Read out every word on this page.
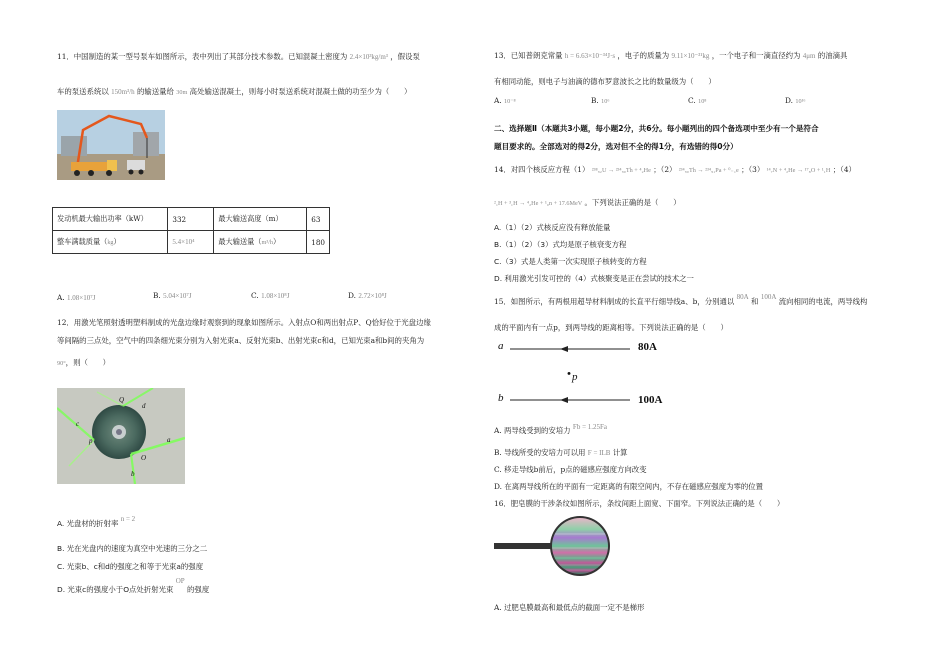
11．中国制造的某一型号泵车如图所示，表中列出了其部分技术参数。已知混凝土密度为 2.4×10³kg/m³ ，假设泵
车的泵送系统以 150m³/h 的输送量给 30m 高处输送混凝土，则每小时泵送系统对混凝土做的功至少为（　　）
发动机最大输出功率（kW）	332	最大输送高度（m）	63
整车满载质量（kg）	5.4×10⁴	最大输送量（m³/h）	180
A. 1.08×10⁷J	B. 5.04×10⁷J	C. 1.08×10⁸J	D. 2.72×10⁸J
12．用激光笔照射透明塑料制成的光盘边缘时观察到的现象如图所示。入射点O和两出射点P、Q恰好位于光盘边缘
等间隔的三点处，空气中的四条细光束分别为入射光束a、反射光束b、出射光束c和d，已知光束a和b间的夹角为
90°，则（　　）
d
Q
c
p	a
O
b
A. 光盘材的折射率 n = 2
B. 光在光盘内的速度为真空中光速的三分之二
C. 光束b、c和d的强度之和等于光束a的强度
D. 光束c的强度小于O点处折射光束 OP 的强度
13．已知普朗克常量 h = 6.63×10⁻³⁴J·s ，电子的质量为 9.11×10⁻³¹kg ，一个电子和一滴直径约为 4μm 的油滴具
有相同动能，则电子与油滴的德布罗意波长之比的数量级为（　　）
A. 10⁻⁸	B. 10⁶	C. 10⁸	D. 10¹⁶
二、选择题Ⅱ（本题共3小题，每小题2分，共6分。每小题列出的四个备选项中至少有一个是符合
题目要求的。全部选对的得2分，选对但不全的得1分，有选错的得0分）
14．对四个核反应方程（1） ²³⁸₉₂U → ²³⁴₉₀Th + ⁴₂He ；（2） ²³⁴₉₀Th → ²³⁴₉₁Pa + ⁰₋₁e ；（3） ¹⁴₇N + ⁴₂He → ¹⁷₈O + ¹₁H ；（4）
²₁H + ³₁H → ⁴₂He + ¹₀n + 17.6MeV 。下列说法正确的是（　　）
A.（1）（2）式核反应没有释放能量
B.（1）（2）（3）式均是原子核衰变方程
C.（3）式是人类第一次实现原子核转变的方程
D. 利用激光引发可控的（4）式核聚变是正在尝试的技术之一
15．如图所示，有两根用超导材料制成的长直平行细导线a、b，分别通以 80A 和 100A 流向相同的电流，两导线构
成的平面内有一点p，到两导线的距离相等。下列说法正确的是（　　）
a	80A
• p
b	100A
A. 两导线受到的安培力 Fb = 1.25Fa
B. 导线所受的安培力可以用 F = ILB 计算
C. 移走导线b前后，p点的磁感应强度方向改变
D. 在离两导线所在的平面有一定距离的有限空间内，不存在磁感应强度为零的位置
16．肥皂膜的干涉条纹如图所示，条纹间距上面宽、下面窄。下列说法正确的是（　　）
A. 过肥皂膜最高和最低点的截面一定不是梯形
